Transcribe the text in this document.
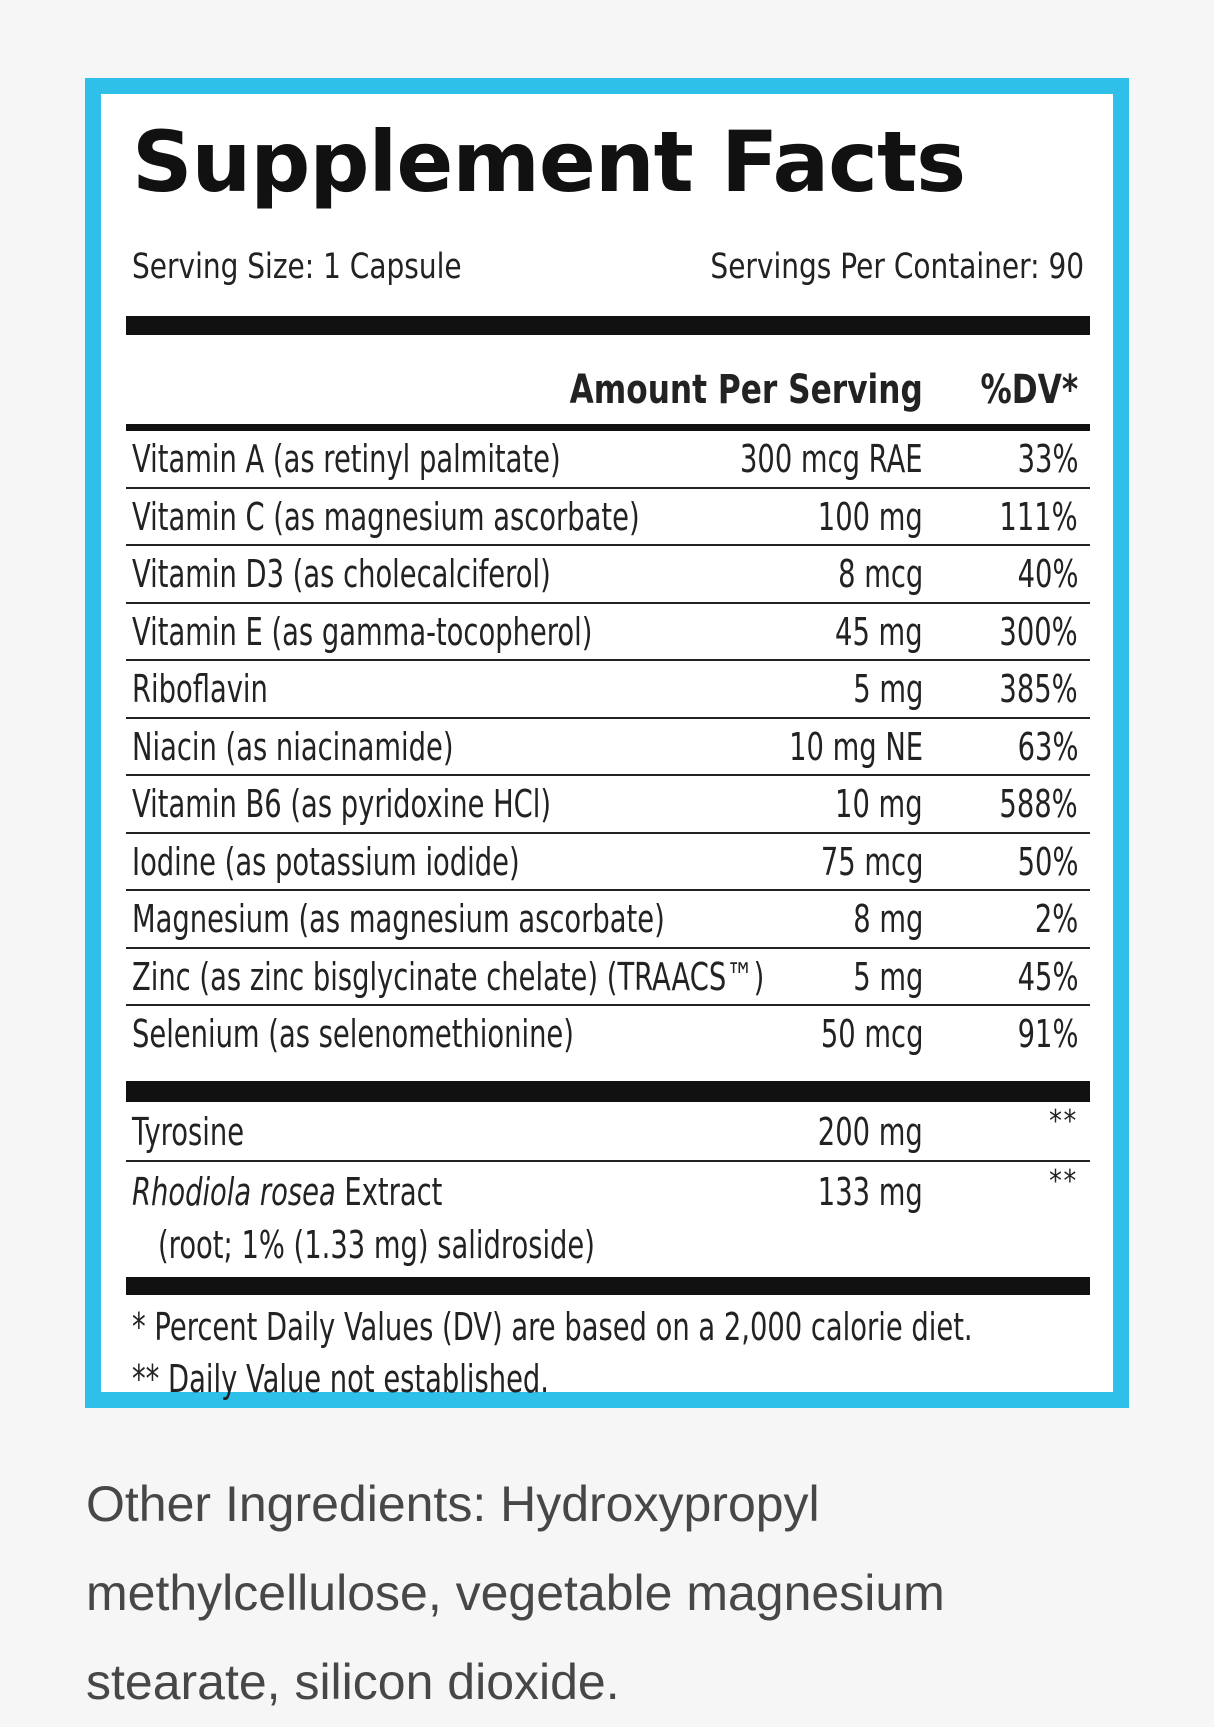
Supplement Facts
Serving Size: 1 Capsule	Servings Per Container: 90
Amount Per Serving %DV*
Vitamin A (as retinyl palmitate)	300 mcg RAE 33%
Vitamin C (as magnesium ascorbate)	100 mg 111%
Vitamin D3 (as cholecalciferol)	8 mcg 40%
Vitamin E (as gamma-tocopherol)	45 mg 300%
Riboflavin	5 mg 385%
Niacin (as niacinamide)	10 mg NE 63%
Vitamin B6 (as pyridoxine HCl)	10 mg 588%
Iodine (as potassium iodide)	75 mcg 50%
Magnesium (as magnesium ascorbate)	8 mg	2%
Zinc (as zinc bisglycinate chelate) (TRAACS™) 5 mg 45%
Selenium (as selenomethionine)	50 mcg 91%
Tyrosine	200 mg	**
Rhodiola rosea Extract
(root; 1% (1.33 mg) salidroside)
133 mg	**
* Percent Daily Values (DV) are based on a 2,000 calorie diet.
** Daily Value not established.

Other Ingredients: Hydroxypropyl
methylcellulose, vegetable magnesium
stearate, silicon dioxide.
